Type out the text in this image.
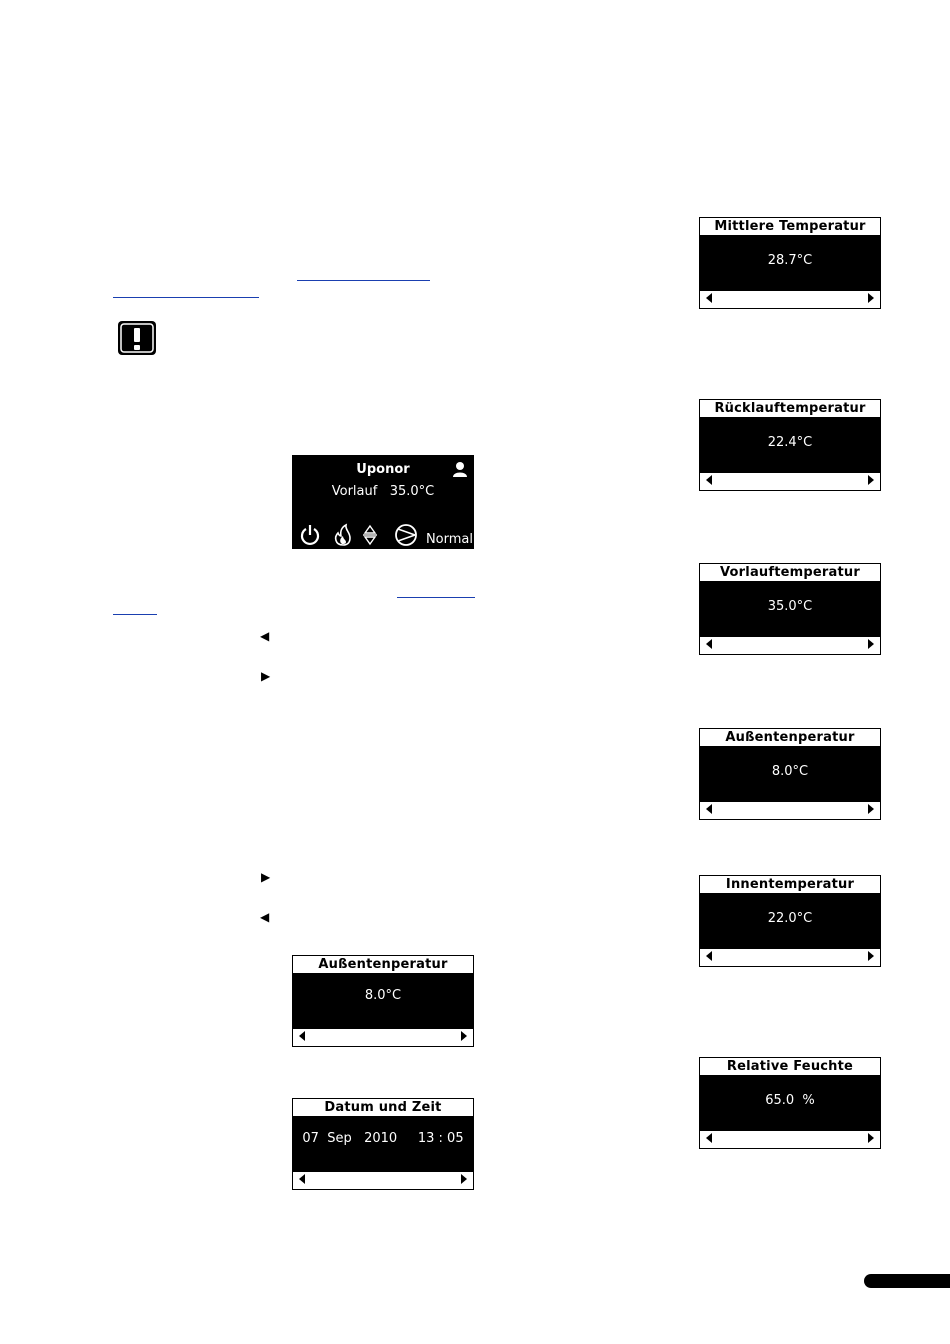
Uponor
Vorlauf   35.0°C
Normal
◀
▶
▶
◀
Außentenperatur
8.0°C
Datum und Zeit
07  Sep   2010     13 : 05
Mittlere Temperatur
28.7°C
Rücklauftemperatur
22.4°C
Vorlauftemperatur
35.0°C
Außentenperatur
8.0°C
Innentemperatur
22.0°C
Relative Feuchte
65.0  %
